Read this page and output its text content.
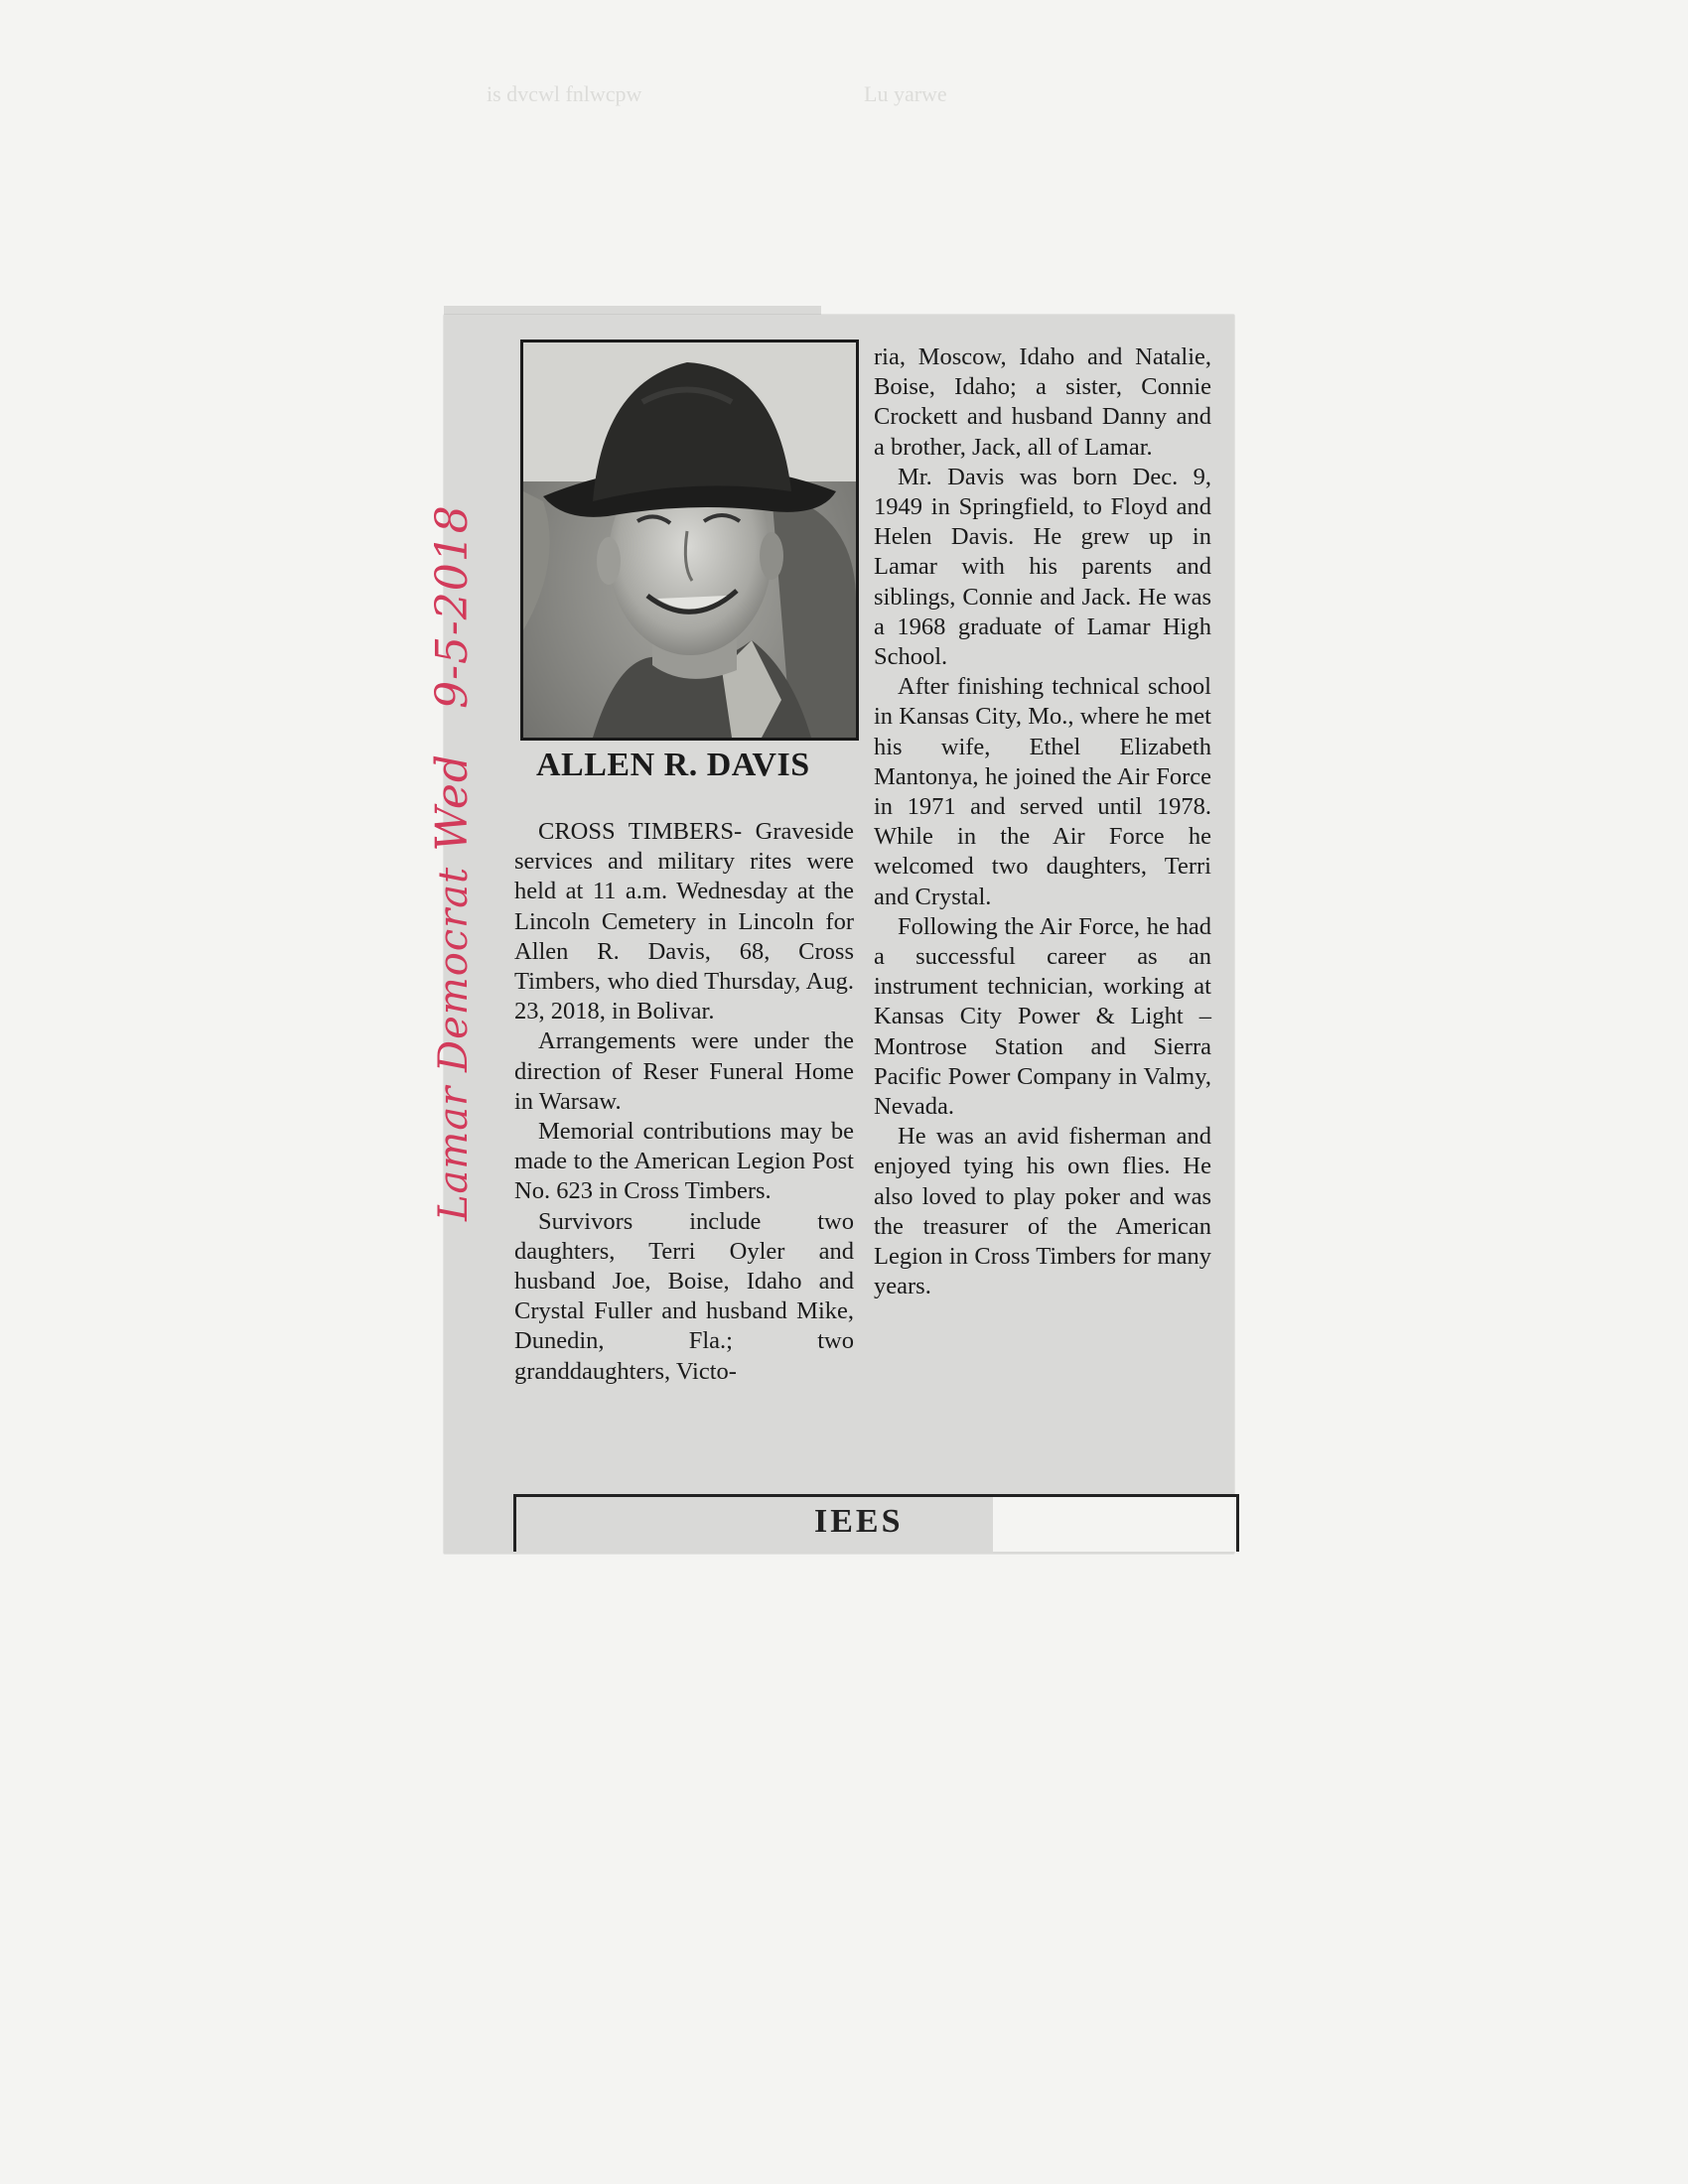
is dvcwl fnlwcpw	Lu yarwe
ALLEN R. DAVIS

CROSS TIMBERS- Graveside services and military rites were held at 11 a.m. Wednesday at the Lincoln Cemetery in Lincoln for Allen R. Davis, 68, Cross Timbers, who died Thursday, Aug. 23, 2018, in Bolivar.

Arrangements were under the direction of Reser Funeral Home in Warsaw.

Memorial contributions may be made to the American Legion Post No. 623 in Cross Timbers.

Survivors include two daughters, Terri Oyler and husband Joe, Boise, Idaho and Crystal Fuller and husband Mike, Dunedin, Fla.; two granddaughters, Victo-

ria, Moscow, Idaho and Natalie, Boise, Idaho; a sister, Connie Crockett and husband Danny and a brother, Jack, all of Lamar.

Mr. Davis was born Dec. 9, 1949 in Springfield, to Floyd and Helen Davis. He grew up in Lamar with his parents and siblings, Connie and Jack. He was a 1968 graduate of Lamar High School.

After finishing technical school in Kansas City, Mo., where he met his wife, Ethel Elizabeth Mantonya, he joined the Air Force in 1971 and served until 1978. While in the Air Force he welcomed two daughters, Terri and Crystal.

Following the Air Force, he had a successful career as an instrument technician, working at Kansas City Power & Light – Montrose Station and Sierra Pacific Power Company in Valmy, Nevada.

He was an avid fisherman and enjoyed tying his own flies. He also loved to play poker and was the treasurer of the American Legion in Cross Timbers for many years.

IEES
Lamar Democrat Wed 9-5-2018
